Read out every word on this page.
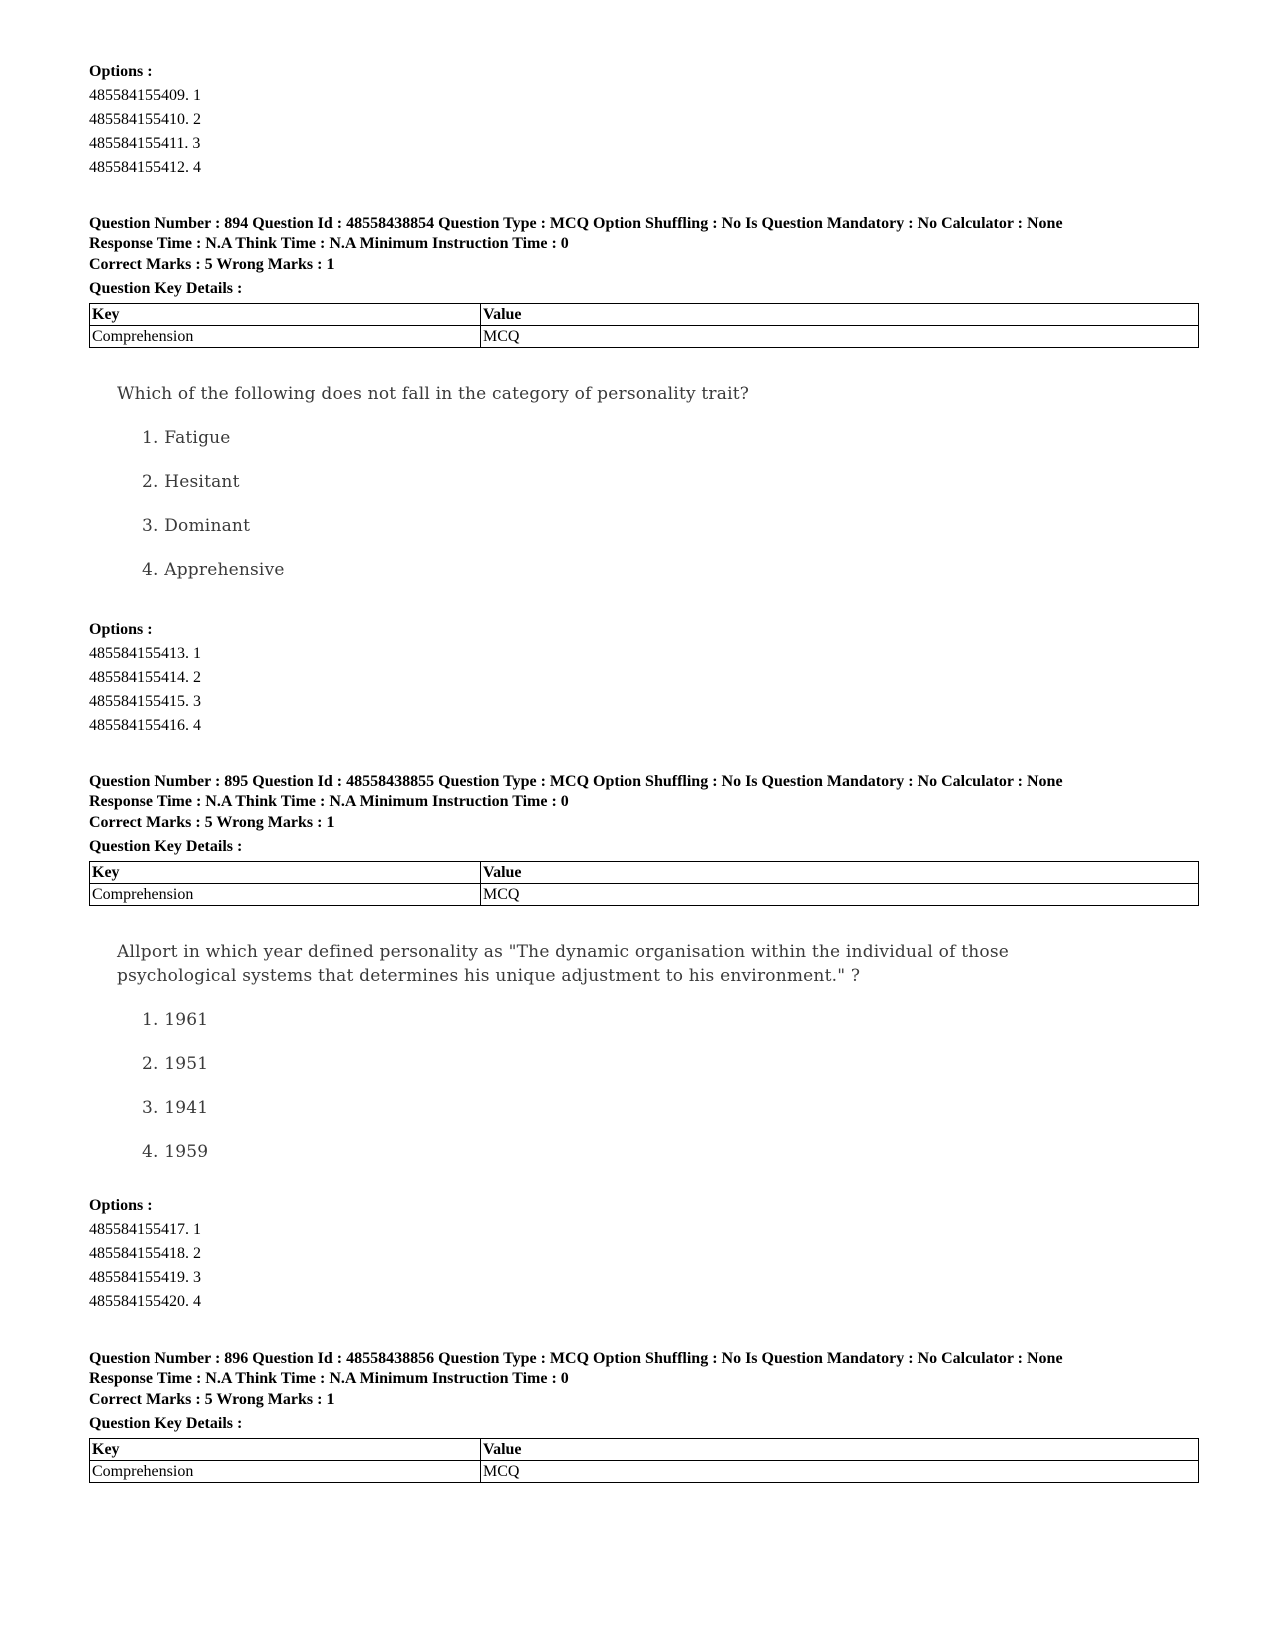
Options :
485584155409. 1
485584155410. 2
485584155411. 3
485584155412. 4
Question Number : 894 Question Id : 48558438854 Question Type : MCQ Option Shuffling : No Is Question Mandatory : No Calculator : None
Response Time : N.A Think Time : N.A Minimum Instruction Time : 0
Correct Marks : 5 Wrong Marks : 1
Question Key Details :
Key	Value
Comprehension	MCQ
Which of the following does not fall in the category of personality trait?
1. Fatigue
2. Hesitant
3. Dominant
4. Apprehensive
Options :
485584155413. 1
485584155414. 2
485584155415. 3
485584155416. 4
Question Number : 895 Question Id : 48558438855 Question Type : MCQ Option Shuffling : No Is Question Mandatory : No Calculator : None
Response Time : N.A Think Time : N.A Minimum Instruction Time : 0
Correct Marks : 5 Wrong Marks : 1
Question Key Details :
Key	Value
Comprehension	MCQ
Allport in which year defined personality as "The dynamic organisation within the individual of those
psychological systems that determines his unique adjustment to his environment." ?
1. 1961
2. 1951
3. 1941
4. 1959
Options :
485584155417. 1
485584155418. 2
485584155419. 3
485584155420. 4
Question Number : 896 Question Id : 48558438856 Question Type : MCQ Option Shuffling : No Is Question Mandatory : No Calculator : None
Response Time : N.A Think Time : N.A Minimum Instruction Time : 0
Correct Marks : 5 Wrong Marks : 1
Question Key Details :
Key	Value
Comprehension	MCQ
